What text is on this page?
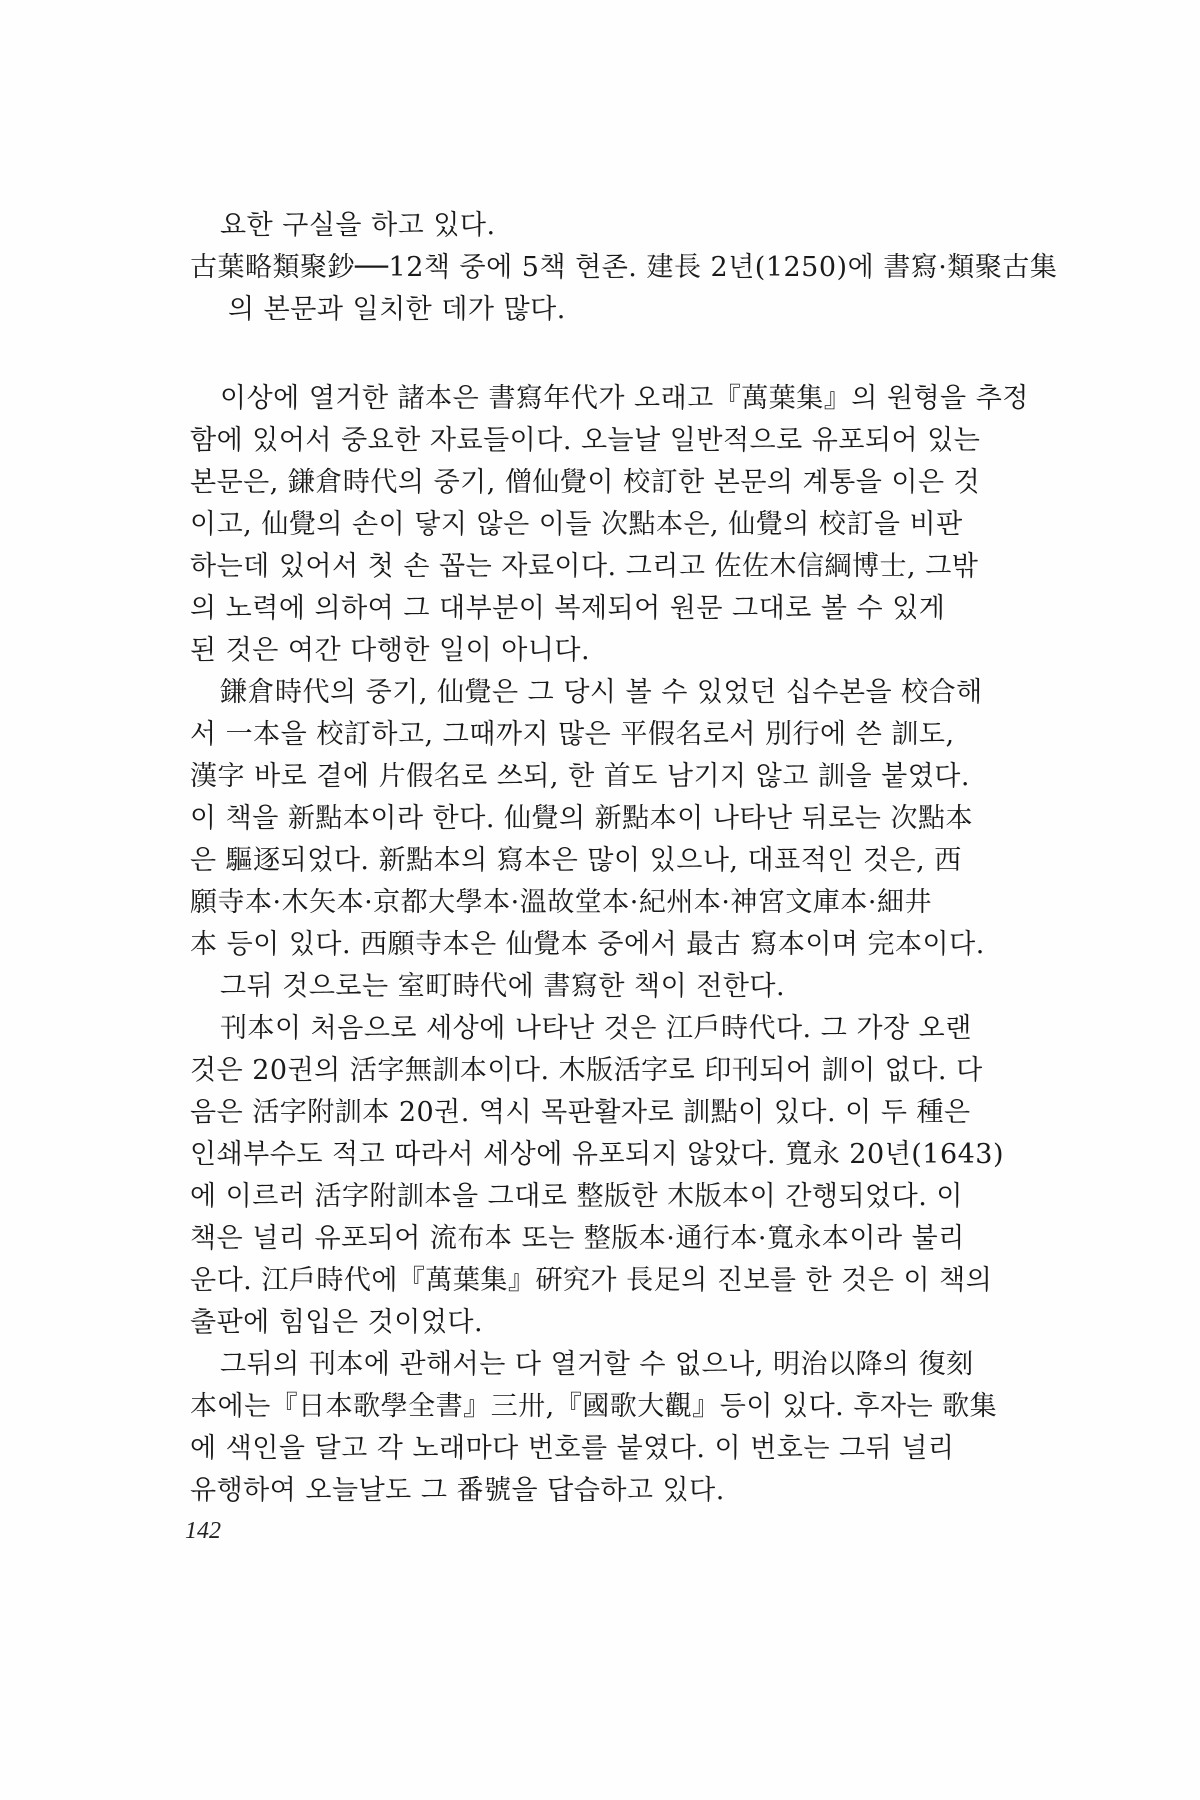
요한 구실을 하고 있다.
古葉略類聚鈔──12책 중에 5책 현존. 建長 2년(1250)에 書寫·類聚古集
의 본문과 일치한 데가 많다.
이상에 열거한 諸本은 書寫年代가 오래고『萬葉集』의 원형을 추정
함에 있어서 중요한 자료들이다. 오늘날 일반적으로 유포되어 있는
본문은, 鎌倉時代의 중기, 僧仙覺이 校訂한 본문의 계통을 이은 것
이고, 仙覺의 손이 닿지 않은 이들 次點本은, 仙覺의 校訂을 비판
하는데 있어서 첫 손 꼽는 자료이다. 그리고 佐佐木信綱博士, 그밖
의 노력에 의하여 그 대부분이 복제되어 원문 그대로 볼 수 있게
된 것은 여간 다행한 일이 아니다.
鎌倉時代의 중기, 仙覺은 그 당시 볼 수 있었던 십수본을 校合해
서 一本을 校訂하고, 그때까지 많은 平假名로서 別行에 쓴 訓도,
漢字 바로 곁에 片假名로 쓰되, 한 首도 남기지 않고 訓을 붙였다.
이 책을 新點本이라 한다. 仙覺의 新點本이 나타난 뒤로는 次點本
은 驅逐되었다. 新點本의 寫本은 많이 있으나, 대표적인 것은, 西
願寺本·木矢本·京都大學本·溫故堂本·紀州本·神宮文庫本·細井
本 등이 있다. 西願寺本은 仙覺本 중에서 最古 寫本이며 完本이다.
그뒤 것으로는 室町時代에 書寫한 책이 전한다.
刊本이 처음으로 세상에 나타난 것은 江戶時代다. 그 가장 오랜
것은 20권의 活字無訓本이다. 木版活字로 印刊되어 訓이 없다. 다
음은 活字附訓本 20권. 역시 목판활자로 訓點이 있다. 이 두 種은
인쇄부수도 적고 따라서 세상에 유포되지 않았다. 寬永 20년(1643)
에 이르러 活字附訓本을 그대로 整版한 木版本이 간행되었다. 이
책은 널리 유포되어 流布本 또는 整版本·通行本·寬永本이라 불리
운다. 江戶時代에『萬葉集』硏究가 長足의 진보를 한 것은 이 책의
출판에 힘입은 것이었다.
그뒤의 刊本에 관해서는 다 열거할 수 없으나, 明治以降의 復刻
本에는『日本歌學全書』三卅,『國歌大觀』등이 있다. 후자는 歌集
에 색인을 달고 각 노래마다 번호를 붙였다. 이 번호는 그뒤 널리
유행하여 오늘날도 그 番號을 답습하고 있다.
142
